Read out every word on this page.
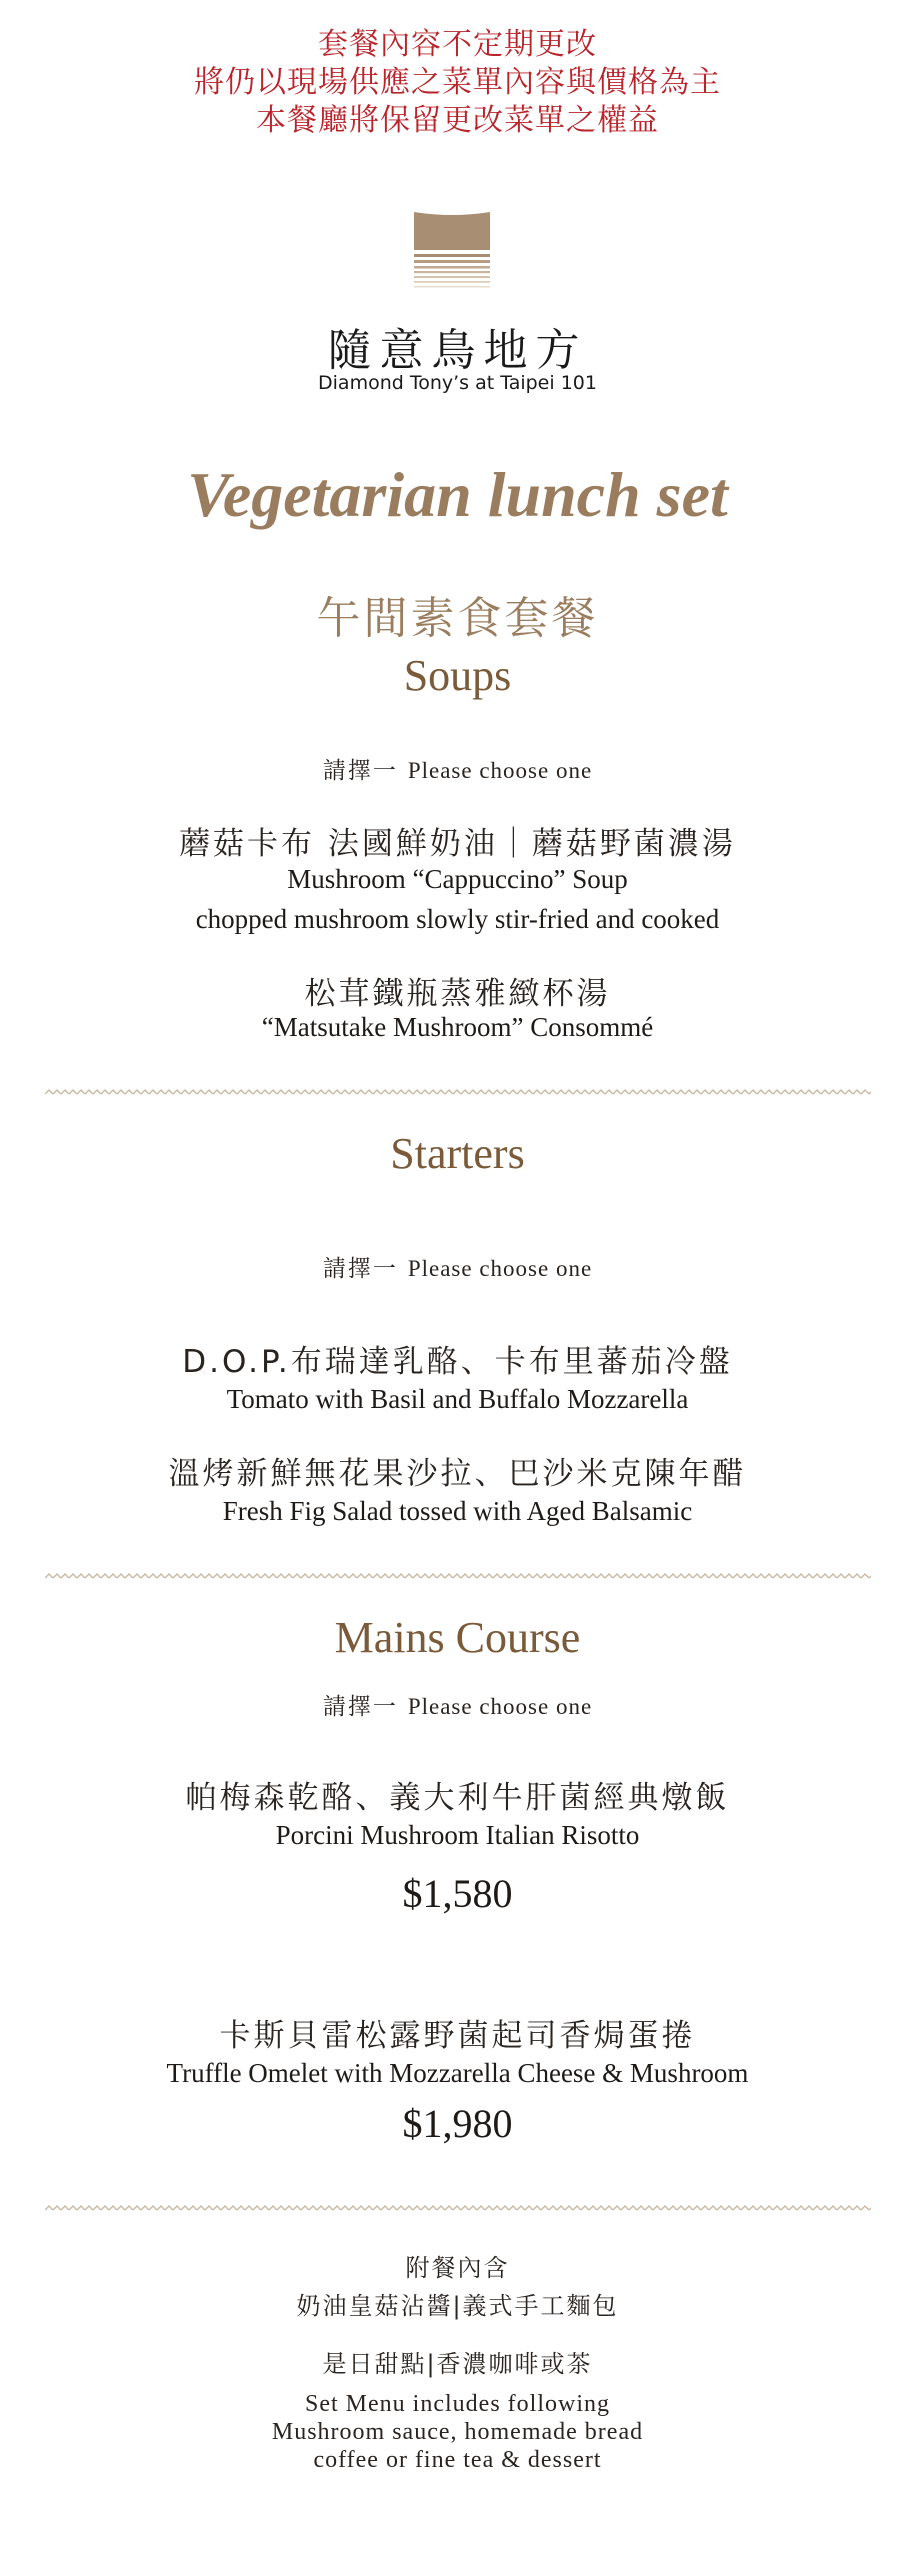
套餐內容不定期更改
將仍以現場供應之菜單內容與價格為主
本餐廳將保留更改菜單之權益
隨意鳥地方
Diamond Tony’s at Taipei 101
Vegetarian lunch set
午間素食套餐
Soups
請擇一 Please choose one
蘑菇卡布 法國鮮奶油｜蘑菇野菌濃湯
Mushroom “Cappuccino” Soup
chopped mushroom slowly stir-fried and cooked
松茸鐵瓶蒸雅緻杯湯
“Matsutake Mushroom” Consommé
Starters
請擇一 Please choose one
D.O.P.布瑞達乳酪、卡布里蕃茄冷盤
Tomato with Basil and Buffalo Mozzarella
溫烤新鮮無花果沙拉、巴沙米克陳年醋
Fresh Fig Salad tossed with Aged Balsamic
Mains Course
請擇一 Please choose one
帕梅森乾酪、義大利牛肝菌經典燉飯
Porcini Mushroom Italian Risotto
$1,580
卡斯貝雷松露野菌起司香焗蛋捲
Truffle Omelet with Mozzarella Cheese & Mushroom
$1,980
附餐內含
奶油皇菇沾醬|義式手工麵包
是日甜點|香濃咖啡或茶
Set Menu includes following
Mushroom sauce, homemade bread
coffee or fine tea & dessert
